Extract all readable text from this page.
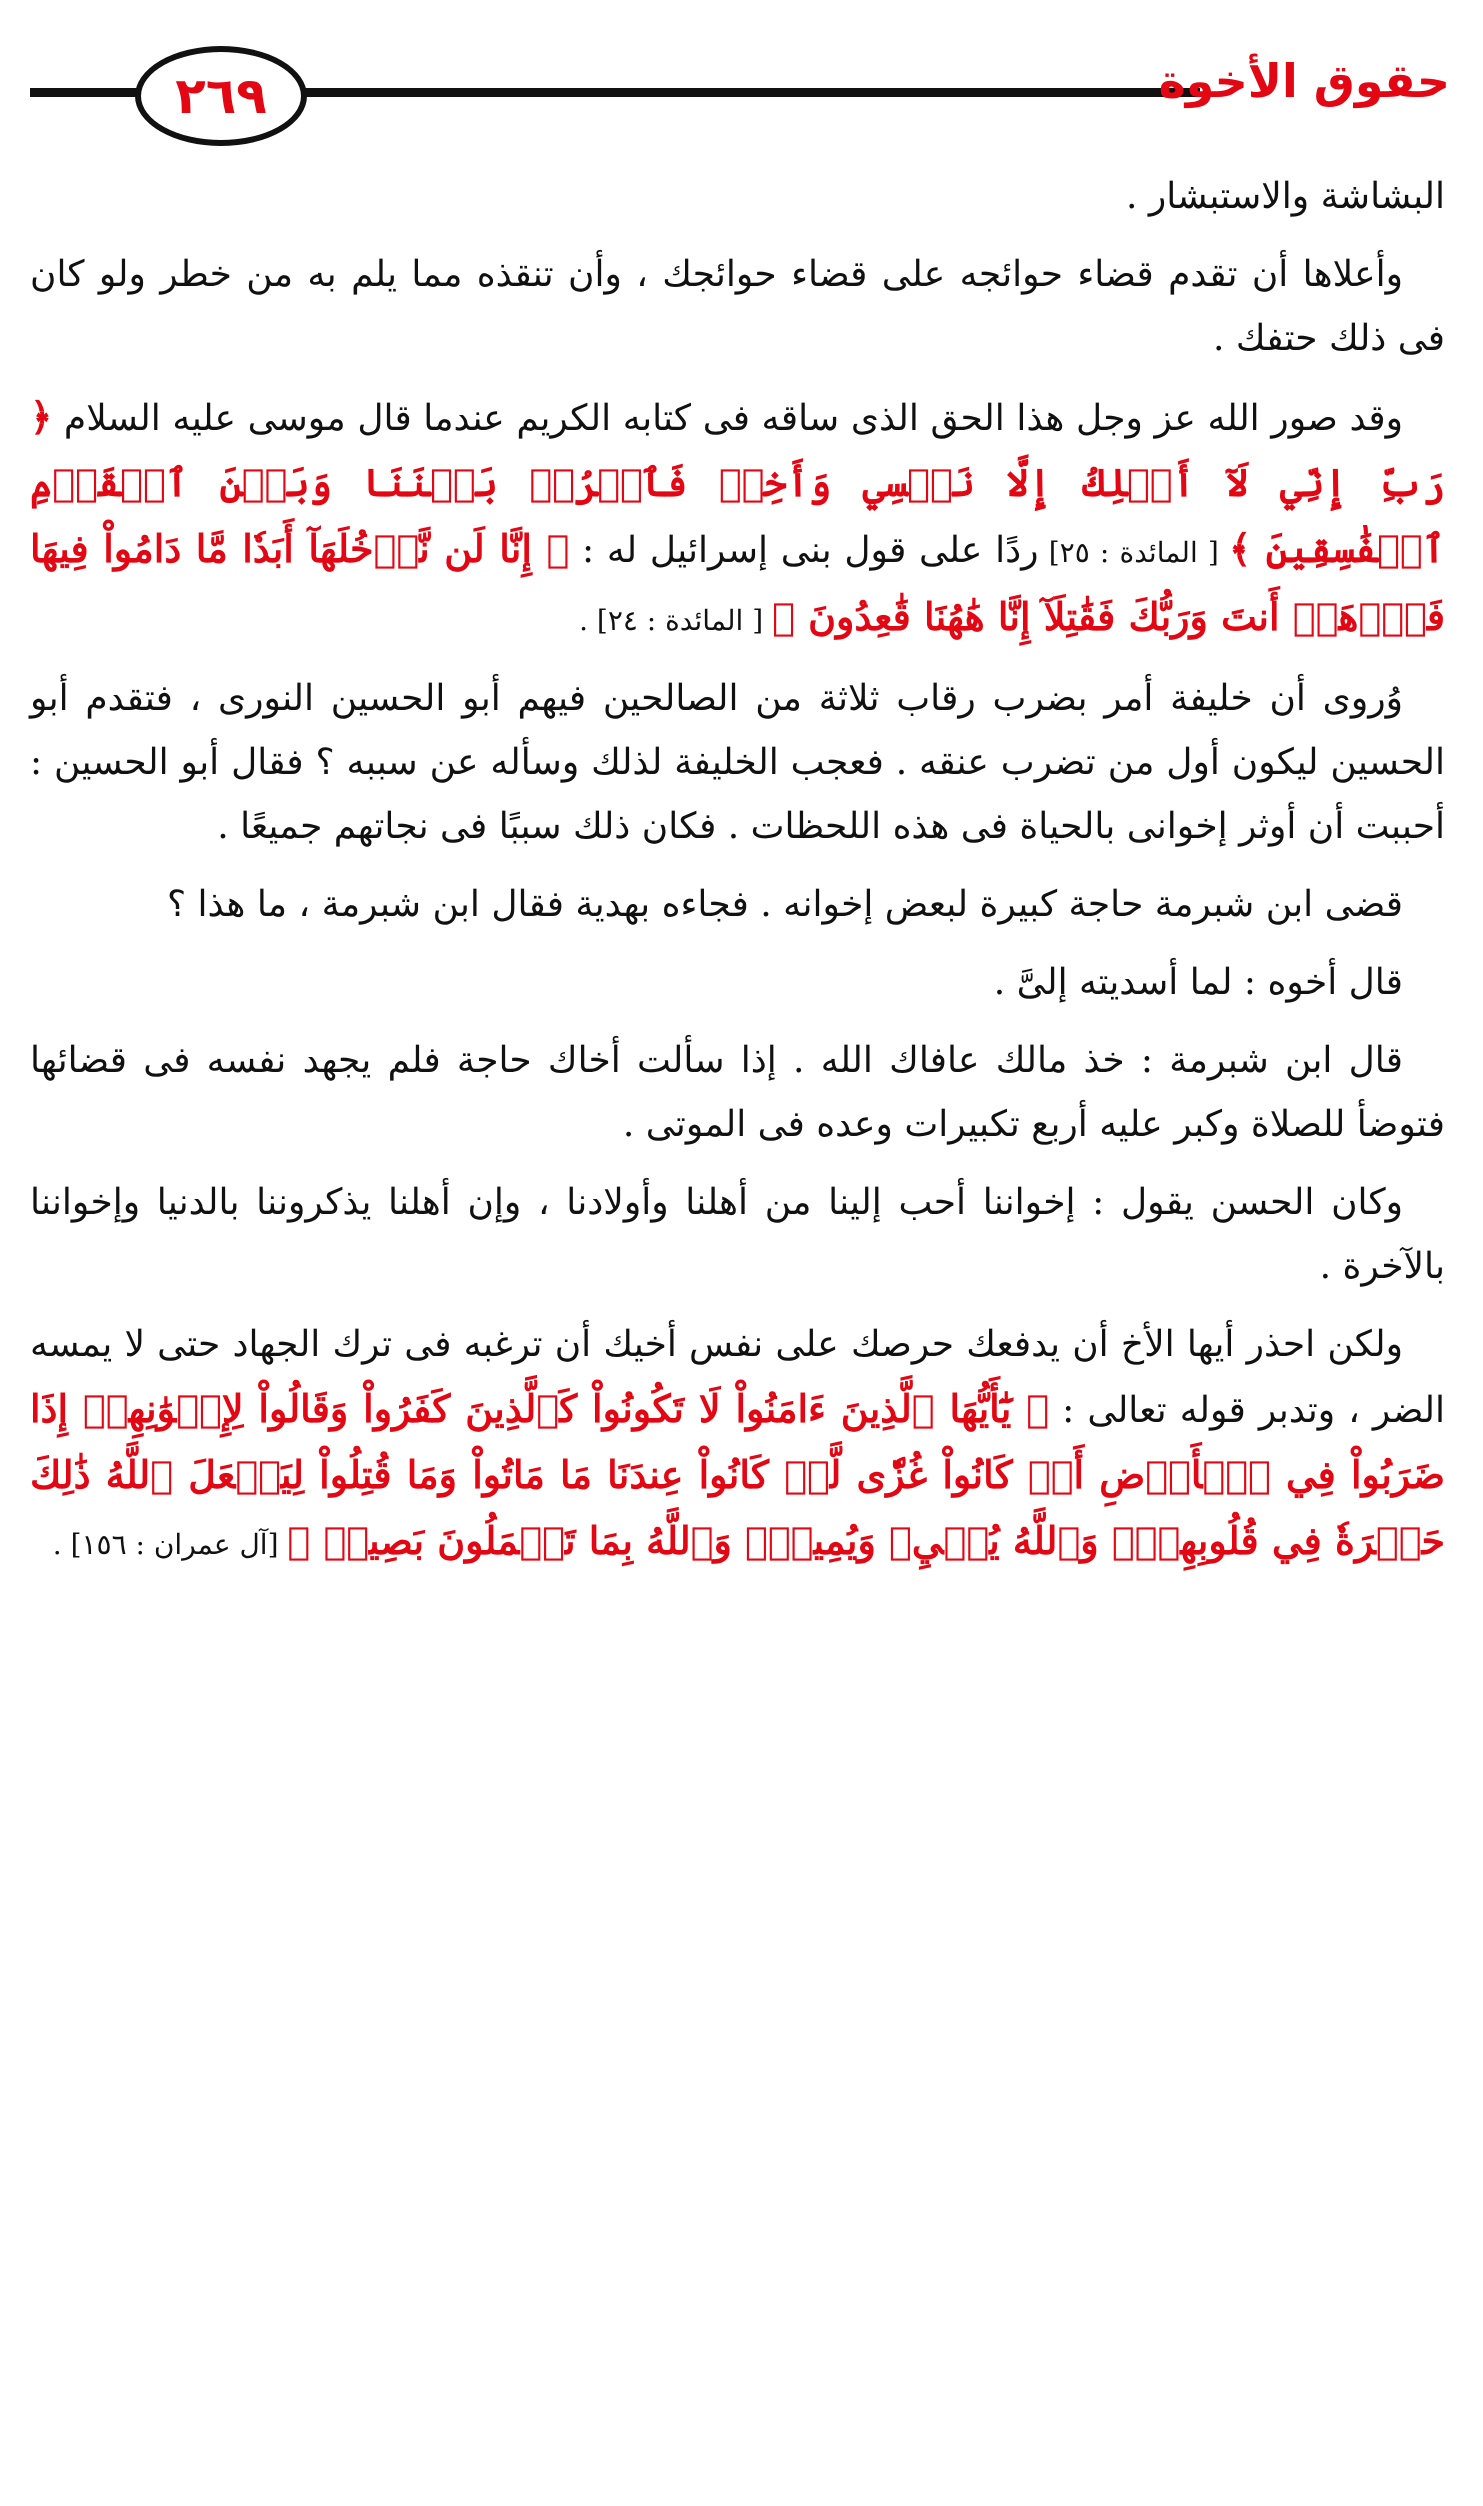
٢٦٩	حقوق الأخوة

البشاشة والاستبشار .

وأعلاها أن تقدم قضاء حوائجه على قضاء حوائجك ، وأن تنقذه مما يلم به من خطر ولو كان فى ذلك حتفك .

وقد صور الله عز وجل هذا الحق الذى ساقه فى كتابه الكريم عندما قال موسى عليه السلام ﴿ رَبِّ إِنِّي لَآ أَمۡلِكُ إِلَّا نَفۡسِي وَأَخِيۖ فَٱفۡرُقۡ بَيۡنَنَا وَبَيۡنَ ٱلۡقَوۡمِ ٱلۡفَٰسِقِينَ ﴾ [ المائدة : ٢٥] ردًا على قول بنى إسرائيل له : ﴿ إِنَّا لَن نَّدۡخُلَهَآ أَبَدٗا مَّا دَامُواْ فِيهَا فَٱذۡهَبۡ أَنتَ وَرَبُّكَ فَقَٰتِلَآ إِنَّا هَٰهُنَا قَٰعِدُونَ ﴾ [ المائدة : ٢٤] .

وُروى أن خليفة أمر بضرب رقاب ثلاثة من الصالحين فيهم أبو الحسين النورى ، فتقدم أبو الحسين ليكون أول من تضرب عنقه . فعجب الخليفة لذلك وسأله عن سببه ؟ فقال أبو الحسين : أحببت أن أوثر إخوانى بالحياة فى هذه اللحظات . فكان ذلك سببًا فى نجاتهم جميعًا .

قضى ابن شبرمة حاجة كبيرة لبعض إخوانه . فجاءه بهدية فقال ابن شبرمة ، ما هذا ؟

قال أخوه : لما أسديته إلىَّ .

قال ابن شبرمة : خذ مالك عافاك الله . إذا سألت أخاك حاجة فلم يجهد نفسه فى قضائها فتوضأ للصلاة وكبر عليه أربع تكبيرات وعده فى الموتى .

وكان الحسن يقول : إخواننا أحب إلينا من أهلنا وأولادنا ، وإن أهلنا يذكروننا بالدنيا وإخواننا بالآخرة .

ولكن احذر أيها الأخ أن يدفعك حرصك على نفس أخيك أن ترغبه فى ترك الجهاد حتى لا يمسه الضر ، وتدبر قوله تعالى : ﴿ يَٰٓأَيُّهَا ٱلَّذِينَ ءَامَنُواْ لَا تَكُونُواْ كَٱلَّذِينَ كَفَرُواْ وَقَالُواْ لِإِخۡوَٰنِهِمۡ إِذَا ضَرَبُواْ فِي ٱلۡأَرۡضِ أَوۡ كَانُواْ غُزّٗى لَّوۡ كَانُواْ عِندَنَا مَا مَاتُواْ وَمَا قُتِلُواْ لِيَجۡعَلَ ٱللَّهُ ذَٰلِكَ حَسۡرَةٗ فِي قُلُوبِهِمۡۗ وَٱللَّهُ يُحۡيِۦ وَيُمِيتُۗ وَٱللَّهُ بِمَا تَعۡمَلُونَ بَصِيرٞ ﴾ [آل عمران : ١٥٦] .
